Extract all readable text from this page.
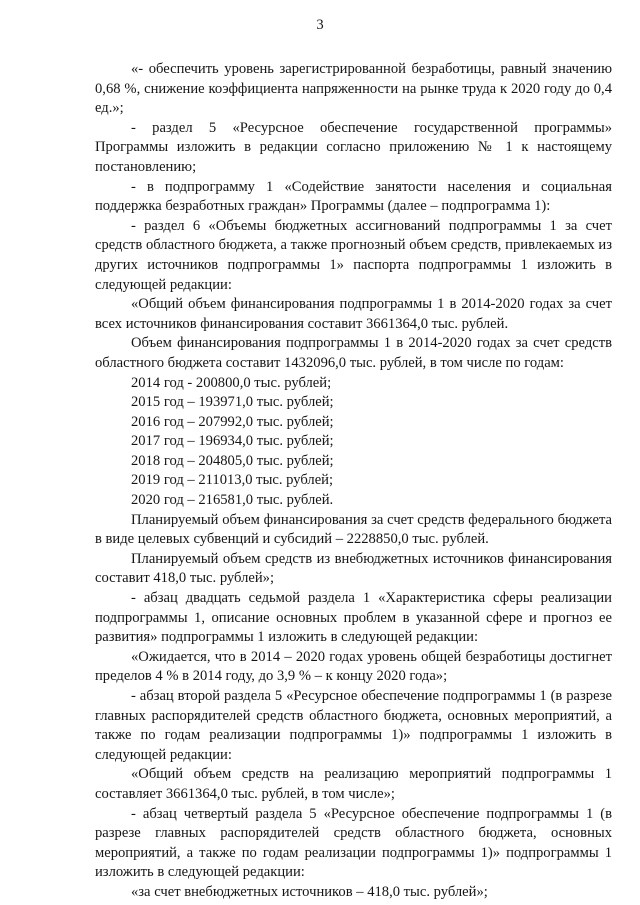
3

«- обеспечить уровень зарегистрированной безработицы, равный значению 0,68 %, снижение коэффициента напряженности на рынке труда к 2020 году до 0,4 ед.»;

- раздел 5 «Ресурсное обеспечение государственной программы» Программы изложить в редакции согласно приложению № 1 к настоящему постановлению;

- в подпрограмму 1 «Содействие занятости населения и социальная поддержка безработных граждан» Программы (далее – подпрограмма 1):

- раздел 6 «Объемы бюджетных ассигнований подпрограммы 1 за счет средств областного бюджета, а также прогнозный объем средств, привлекаемых из других источников подпрограммы 1» паспорта подпрограммы 1 изложить в следующей редакции:

«Общий объем финансирования подпрограммы 1 в 2014-2020 годах за счет всех источников финансирования составит 3661364,0 тыс. рублей.

Объем финансирования подпрограммы 1 в 2014-2020 годах за счет средств областного бюджета составит 1432096,0 тыс. рублей, в том числе по годам:

2014 год - 200800,0 тыс. рублей;
2015 год – 193971,0 тыс. рублей;
2016 год – 207992,0 тыс. рублей;
2017 год – 196934,0 тыс. рублей;
2018 год – 204805,0 тыс. рублей;
2019 год – 211013,0 тыс. рублей;
2020 год – 216581,0 тыс. рублей.

Планируемый объем финансирования за счет средств федерального бюджета в виде целевых субвенций и субсидий – 2228850,0 тыс. рублей.

Планируемый объем средств из внебюджетных источников финансирования составит 418,0 тыс. рублей»;

- абзац двадцать седьмой раздела 1 «Характеристика сферы реализации подпрограммы 1, описание основных проблем в указанной сфере и прогноз ее развития» подпрограммы 1 изложить в следующей редакции:

«Ожидается, что в 2014 – 2020 годах уровень общей безработицы достигнет пределов 4 % в 2014 году, до 3,9 % – к концу 2020 года»;

- абзац второй раздела 5 «Ресурсное обеспечение подпрограммы 1 (в разрезе главных распорядителей средств областного бюджета, основных мероприятий, а также по годам реализации подпрограммы 1)» подпрограммы 1 изложить в следующей редакции:

«Общий объем средств на реализацию мероприятий подпрограммы 1 составляет 3661364,0 тыс. рублей, в том числе»;

- абзац четвертый раздела 5 «Ресурсное обеспечение подпрограммы 1 (в разрезе главных распорядителей средств областного бюджета, основных мероприятий, а также по годам реализации подпрограммы 1)» подпрограммы 1 изложить в следующей редакции:

«за счет внебюджетных источников – 418,0 тыс. рублей»;
